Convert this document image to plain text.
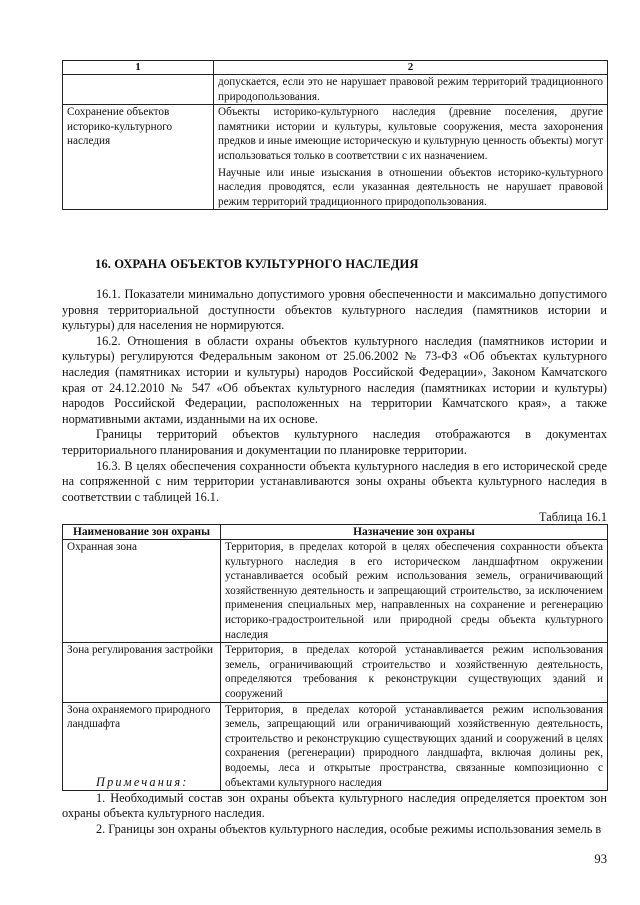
1	2
	допускается, если это не нарушает правовой режим территорий традиционного природопользования.
Сохранение объектов историко-культурного наследия	Объекты историко-культурного наследия (древние поселения, другие памятники истории и культуры, культовые сооружения, места захоронения предков и иные имеющие историческую и культурную ценность объекты) могут использоваться только в соответствии с их назначением.

Научные или иные изыскания в отношении объектов историко-культурного наследия проводятся, если указанная деятельность не нарушает правовой режим территорий традиционного природопользования.

16. ОХРАНА ОБЪЕКТОВ КУЛЬТУРНОГО НАСЛЕДИЯ

16.1. Показатели минимально допустимого уровня обеспеченности и максимально допустимого уровня территориальной доступности объектов культурного наследия (памятников истории и культуры) для населения не нормируются.

16.2. Отношения в области охраны объектов культурного наследия (памятников истории и культуры) регулируются Федеральным законом от 25.06.2002 № 73-ФЗ «Об объектах культурного наследия (памятниках истории и культуры) народов Российской Федерации», Законом Камчатского края от 24.12.2010 № 547 «Об объектах культурного наследия (памятниках истории и культуры) народов Российской Федерации, расположенных на территории Камчатского края», а также нормативными актами, изданными на их основе.

Границы территорий объектов культурного наследия отображаются в документах территориального планирования и документации по планировке территории.

16.3. В целях обеспечения сохранности объекта культурного наследия в его исторической среде на сопряженной с ним территории устанавливаются зоны охраны объекта культурного наследия в соответствии с таблицей 16.1.

Таблица 16.1
Наименование зон охраны	Назначение зон охраны
Охранная зона	Территория, в пределах которой в целях обеспечения сохранности объекта культурного наследия в его историческом ландшафтном окружении устанавливается особый режим использования земель, ограничивающий хозяйственную деятельность и запрещающий строительство, за исключением применения специальных мер, направленных на сохранение и регенерацию историко-градостроительной или природной среды объекта культурного наследия
Зона регулирования застройки	Территория, в пределах которой устанавливается режим использования земель, ограничивающий строительство и хозяйственную деятельность, определяются требования к реконструкции существующих зданий и сооружений
Зона охраняемого природного ландшафта	Территория, в пределах которой устанавливается режим использования земель, запрещающий или ограничивающий хозяйственную деятельность, строительство и реконструкцию существующих зданий и сооружений в целях сохранения (регенерации) природного ландшафта, включая долины рек, водоемы, леса и открытые пространства, связанные композиционно с объектами культурного наследия

Примечания:

1. Необходимый состав зон охраны объекта культурного наследия определяется проектом зон охраны объекта культурного наследия.

2. Границы зон охраны объектов культурного наследия, особые режимы использования земель в

93
